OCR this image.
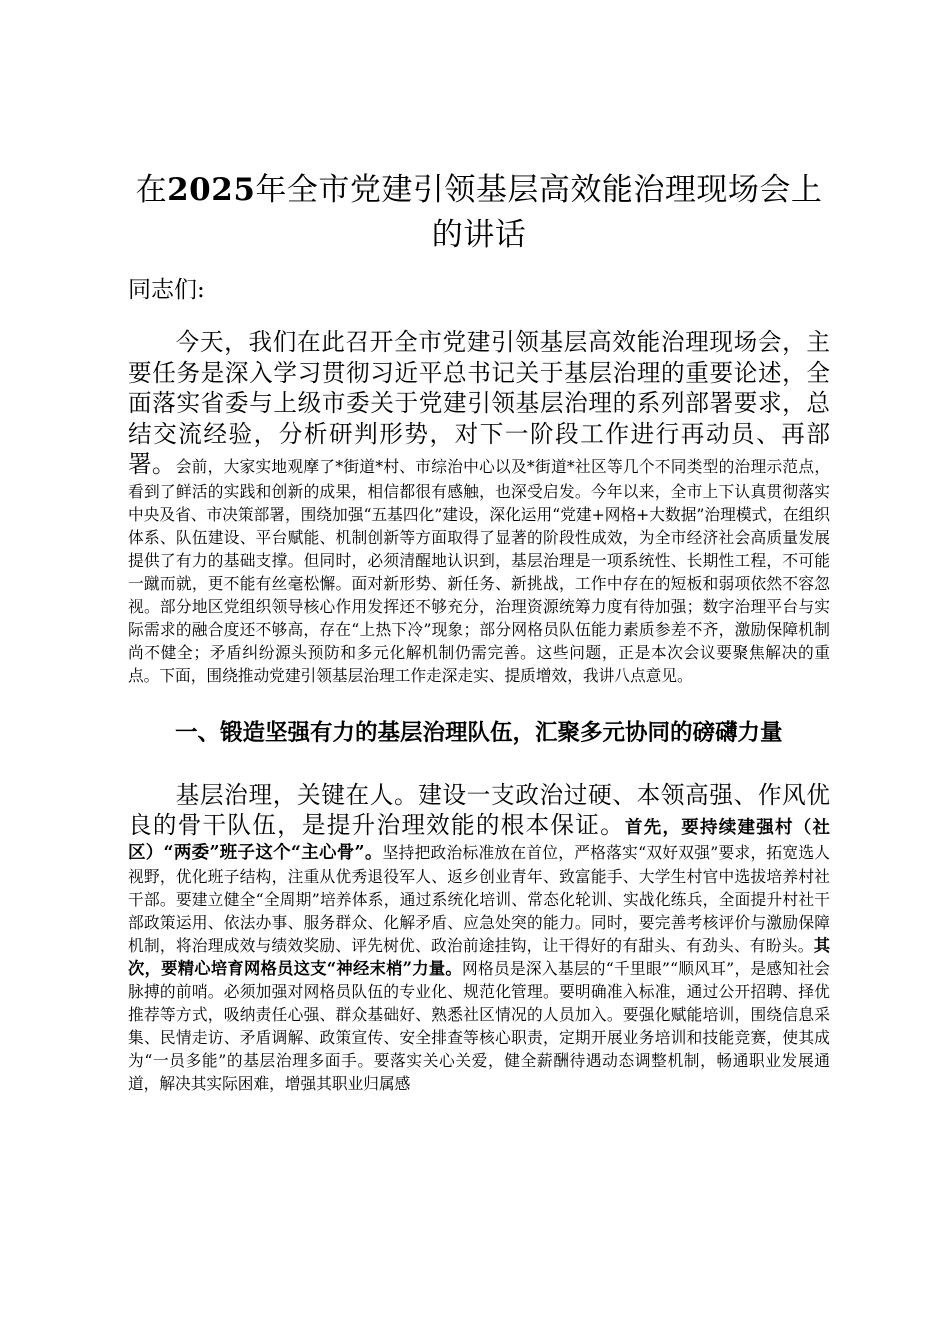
在2025年全市党建引领基层高效能治理现场会上的讲话
同志们:

今天，我们在此召开全市党建引领基层高效能治理现场会，主要任务是深入学习贯彻习近平总书记关于基层治理的重要论述，全面落实省委与上级市委关于党建引领基层治理的系列部署要求，总结交流经验，分析研判形势，对下一阶段工作进行再动员、再部署。会前，大家实地观摩了*街道*村、市综治中心以及*街道*社区等几个不同类型的治理示范点，看到了鲜活的实践和创新的成果，相信都很有感触，也深受启发。今年以来，全市上下认真贯彻落实中央及省、市决策部署，围绕加强“五基四化”建设，深化运用“党建+网格+大数据”治理模式，在组织体系、队伍建设、平台赋能、机制创新等方面取得了显著的阶段性成效，为全市经济社会高质量发展提供了有力的基础支撑。但同时，必须清醒地认识到，基层治理是一项系统性、长期性工程，不可能一蹴而就，更不能有丝毫松懈。面对新形势、新任务、新挑战，工作中存在的短板和弱项依然不容忽视。部分地区党组织领导核心作用发挥还不够充分，治理资源统筹力度有待加强；数字治理平台与实际需求的融合度还不够高，存在“上热下冷”现象；部分网格员队伍能力素质参差不齐，激励保障机制尚不健全；矛盾纠纷源头预防和多元化解机制仍需完善。这些问题，正是本次会议要聚焦解决的重点。下面，围绕推动党建引领基层治理工作走深走实、提质增效，我讲八点意见。

一、锻造坚强有力的基层治理队伍，汇聚多元协同的磅礴力量

基层治理，关键在人。建设一支政治过硬、本领高强、作风优良的骨干队伍，是提升治理效能的根本保证。首先，要持续建强村（社区）“两委”班子这个“主心骨”。坚持把政治标准放在首位，严格落实“双好双强”要求，拓宽选人视野，优化班子结构，注重从优秀退役军人、返乡创业青年、致富能手、大学生村官中选拔培养村社干部。要建立健全“全周期”培养体系，通过系统化培训、常态化轮训、实战化练兵，全面提升村社干部政策运用、依法办事、服务群众、化解矛盾、应急处突的能力。同时，要完善考核评价与激励保障机制，将治理成效与绩效奖励、评先树优、政治前途挂钩，让干得好的有甜头、有劲头、有盼头。其次，要精心培育网格员这支“神经末梢”力量。网格员是深入基层的“千里眼”“顺风耳”，是感知社会脉搏的前哨。必须加强对网格员队伍的专业化、规范化管理。要明确准入标准，通过公开招聘、择优推荐等方式，吸纳责任心强、群众基础好、熟悉社区情况的人员加入。要强化赋能培训，围绕信息采集、民情走访、矛盾调解、政策宣传、安全排查等核心职责，定期开展业务培训和技能竞赛，使其成为“一员多能”的基层治理多面手。要落实关心关爱，健全薪酬待遇动态调整机制，畅通职业发展通道，解决其实际困难，增强其职业归属感
